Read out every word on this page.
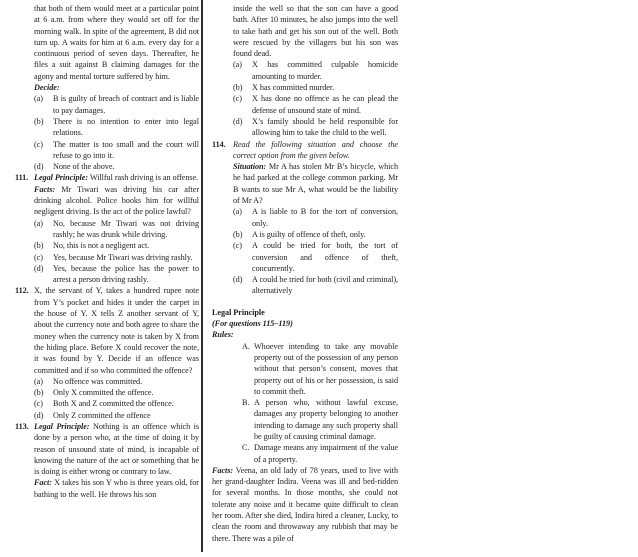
that both of them would meet at a particular point at 6 a.m. from where they would set off for the morning walk. In spite of the agreement, B did not turn up. A waits for him at 6 a.m. every day for a continuous period of seven days. Thereafter, he files a suit against B claiming damages for the agony and mental torture suffered by him.
Decide:
(a) B is guilty of breach of contract and is liable to pay damages.
(b) There is no intention to enter into legal relations.
(c) The matter is too small and the court will refuse to go into it.
(d) None of the above.
111. Legal Principle: Willful rash driving is an offense.
Facts: Mr Tiwari was driving his car after drinking alcohol. Police books him for willful negligent driving. Is the act of the police lawful?
(a) No, because Mr Tiwari was not driving rashly; he was drunk while driving.
(b) No, this is not a negligent act.
(c) Yes, because Mr Tiwari was driving rashly.
(d) Yes, because the police has the power to arrest a person driving rashly.
112. X, the servant of Y, takes a hundred rupee note from Y’s pocket and hides it under the carpet in the house of Y. X tells Z another servant of Y, about the currency note and both agree to share the money when the currency note is taken by X from the hiding place. Before X could recover the note, it was found by Y. Decide if an offence was committed and if so who committed the offence?
(a) No offence was committed.
(b) Only X committed the offence.
(c) Both X and Z committed the offence.
(d) Only Z committed the offence
113. Legal Principle: Nothing is an offence which is done by a person who, at the time of doing it by reason of unsound state of mind, is incapable of knowing the nature of the act or something that he is doing is either wrong or contrary to law.
Fact: X takes his son Y who is three years old, for bathing to the well. He throws his son
inside the well so that the son can have a good bath. After 10 minutes, he also jumps into the well to take bath and get his son out of the well. Both were rescued by the villagers but his son was found dead.
(a) X has committed culpable homicide amounting to murder.
(b) X has committed murder.
(c) X has done no offence as he can plead the defense of unsound state of mind.
(d) X’s family should be held responsible for allowing him to take the child to the well.
114. Read the following situation and choose the correct option from the given below.
Situation: Mr A has stolen Mr B’s bicycle, which he had parked at the college common parking. Mr B wants to sue Mr A, what would be the liability of Mr A?
(a) A is liable to B for the tort of conversion, only.
(b) A is guilty of offence of theft, only.
(c) A could be tried for both, the tort of conversion and offence of theft, concurrently.
(d) A could be tried for both (civil and criminal), alternatively
Legal Principle
(For questions 115–119)
Rules:
A. Whoever intending to take any movable property out of the possession of any person without that person’s consent, moves that property out of his or her possession, is said to commit theft.
B. A person who, without lawful excuse, damages any property belonging to another intending to damage any such property shall be guilty of causing criminal damage.
C. Damage means any impairment of the value of a property.
Facts: Veena, an old lady of 78 years, used to live with her grand-daughter Indira. Veena was ill and bed-ridden for several months. In those months, she could not tolerate any noise and it became quite difficult to clean her room. After she died, Indira hired a cleaner, Lucky, to clean the room and throwaway any rubbish that may be there. There was a pile of
